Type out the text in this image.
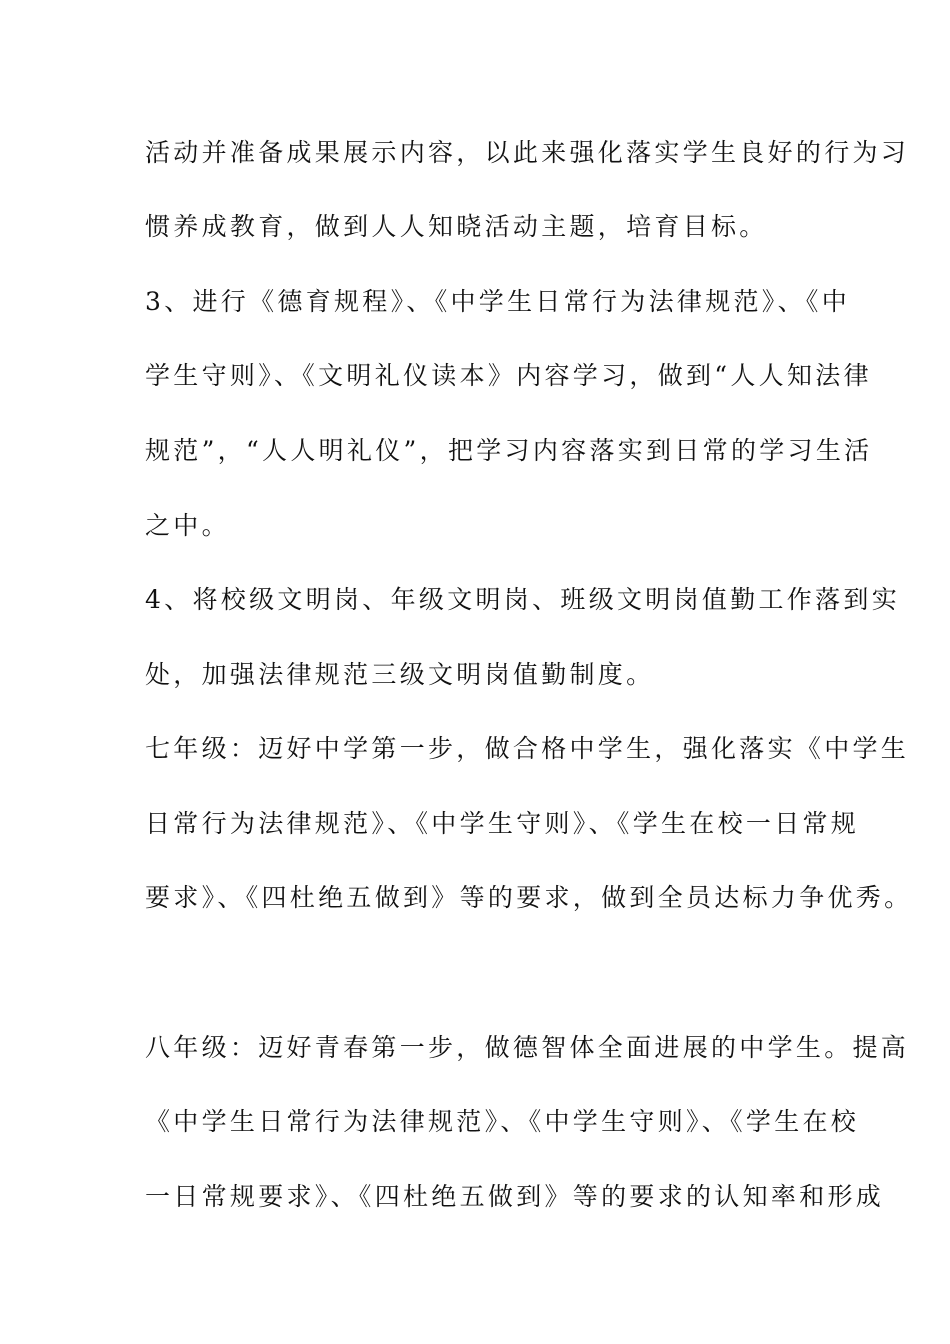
活动并准备成果展示内容，以此来强化落实学生良好的行为习
惯养成教育，做到人人知晓活动主题，培育目标。
3、进行《德育规程》、《中学生日常行为法律规范》、《中
学生守则》、《文明礼仪读本》内容学习，做到“人人知法律
规范”，“人人明礼仪”，把学习内容落实到日常的学习生活
之中。
4、将校级文明岗、年级文明岗、班级文明岗值勤工作落到实
处，加强法律规范三级文明岗值勤制度。
七年级：迈好中学第一步，做合格中学生，强化落实《中学生
日常行为法律规范》、《中学生守则》、《学生在校一日常规
要求》、《四杜绝五做到》等的要求，做到全员达标力争优秀。
八年级：迈好青春第一步，做德智体全面进展的中学生。提高
《中学生日常行为法律规范》、《中学生守则》、《学生在校
一日常规要求》、《四杜绝五做到》等的要求的认知率和形成
